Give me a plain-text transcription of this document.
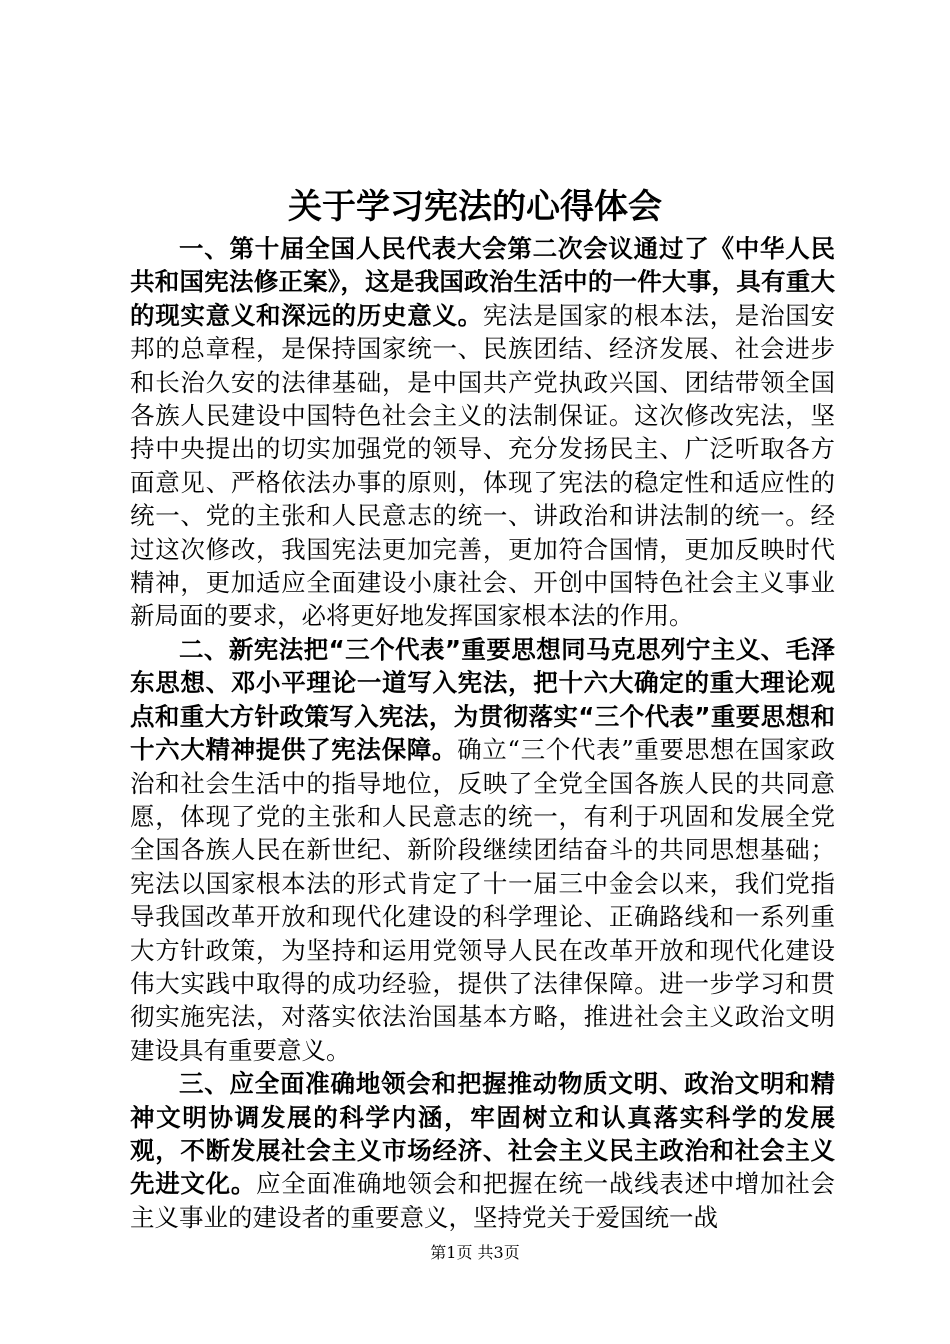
关于学习宪法的心得体会

一、第十届全国人民代表大会第二次会议通过了《中华人民共和国宪法修正案》，这是我国政治生活中的一件大事，具有重大的现实意义和深远的历史意义。宪法是国家的根本法，是治国安邦的总章程，是保持国家统一、民族团结、经济发展、社会进步和长治久安的法律基础，是中国共产党执政兴国、团结带领全国各族人民建设中国特色社会主义的法制保证。这次修改宪法，坚持中央提出的切实加强党的领导、充分发扬民主、广泛听取各方面意见、严格依法办事的原则，体现了宪法的稳定性和适应性的统一、党的主张和人民意志的统一、讲政治和讲法制的统一。经过这次修改，我国宪法更加完善，更加符合国情，更加反映时代精神，更加适应全面建设小康社会、开创中国特色社会主义事业新局面的要求，必将更好地发挥国家根本法的作用。

二、新宪法把“三个代表”重要思想同马克思列宁主义、毛泽东思想、邓小平理论一道写入宪法，把十六大确定的重大理论观点和重大方针政策写入宪法，为贯彻落实“三个代表”重要思想和十六大精神提供了宪法保障。确立“三个代表”重要思想在国家政治和社会生活中的指导地位，反映了全党全国各族人民的共同意愿，体现了党的主张和人民意志的统一，有利于巩固和发展全党全国各族人民在新世纪、新阶段继续团结奋斗的共同思想基础；宪法以国家根本法的形式肯定了十一届三中金会以来，我们党指导我国改革开放和现代化建设的科学理论、正确路线和一系列重大方针政策，为坚持和运用党领导人民在改革开放和现代化建设伟大实践中取得的成功经验，提供了法律保障。进一步学习和贯彻实施宪法，对落实依法治国基本方略，推进社会主义政治文明建设具有重要意义。

三、应全面准确地领会和把握推动物质文明、政治文明和精神文明协调发展的科学内涵，牢固树立和认真落实科学的发展观，不断发展社会主义市场经济、社会主义民主政治和社会主义先进文化。应全面准确地领会和把握在统一战线表述中增加社会主义事业的建设者的重要意义，坚持党关于爱国统一战

第1页 共3页
